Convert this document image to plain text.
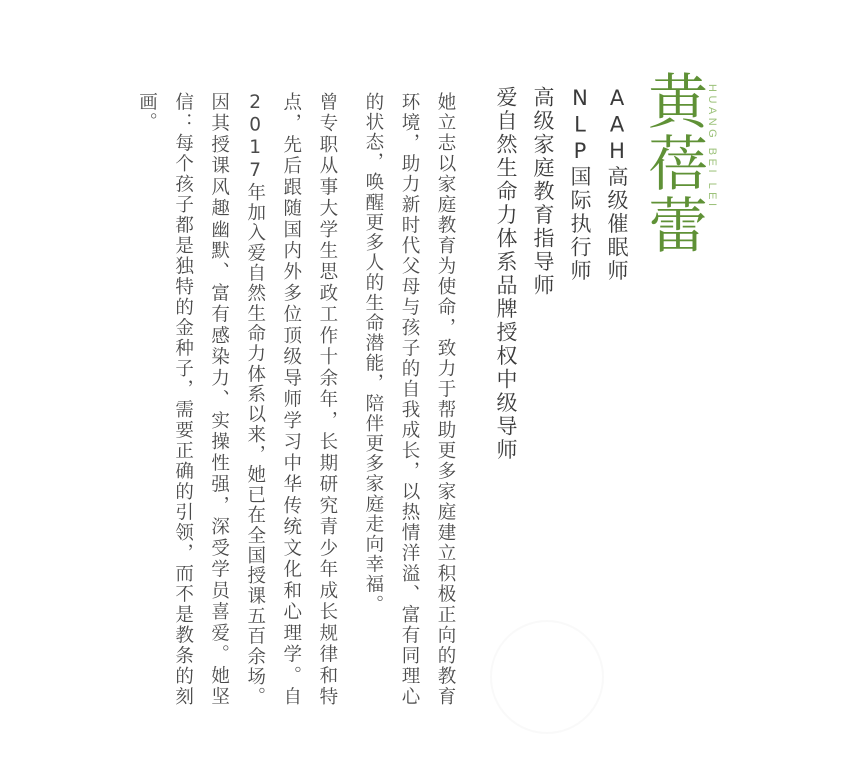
黄蓓蕾
HUANG BEI LEI
爱自然生命力体系品牌授权中级导师 高级家庭教育指导师 NLP国际执行师 AAH高级催眠师
曾专职从事大学生思政工作十余年，长期研究青少年成长规律和特点，先后跟随国内外多位顶级导师学习中华传统文化和心理学。自2017年加入爱自然生命力体系以来，她已在全国授课五百余场。因其授课风趣幽默、富有感染力、实操性强，深受学员喜爱。她坚信：每个孩子都是独特的金种子，需要正确的引领，而不是教条的刻画。	她立志以家庭教育为使命，致力于帮助更多家庭建立积极正向的教育环境，助力新时代父母与孩子的自我成长，以热情洋溢、富有同理心的状态，唤醒更多人的生命潜能，陪伴更多家庭走向幸福。
